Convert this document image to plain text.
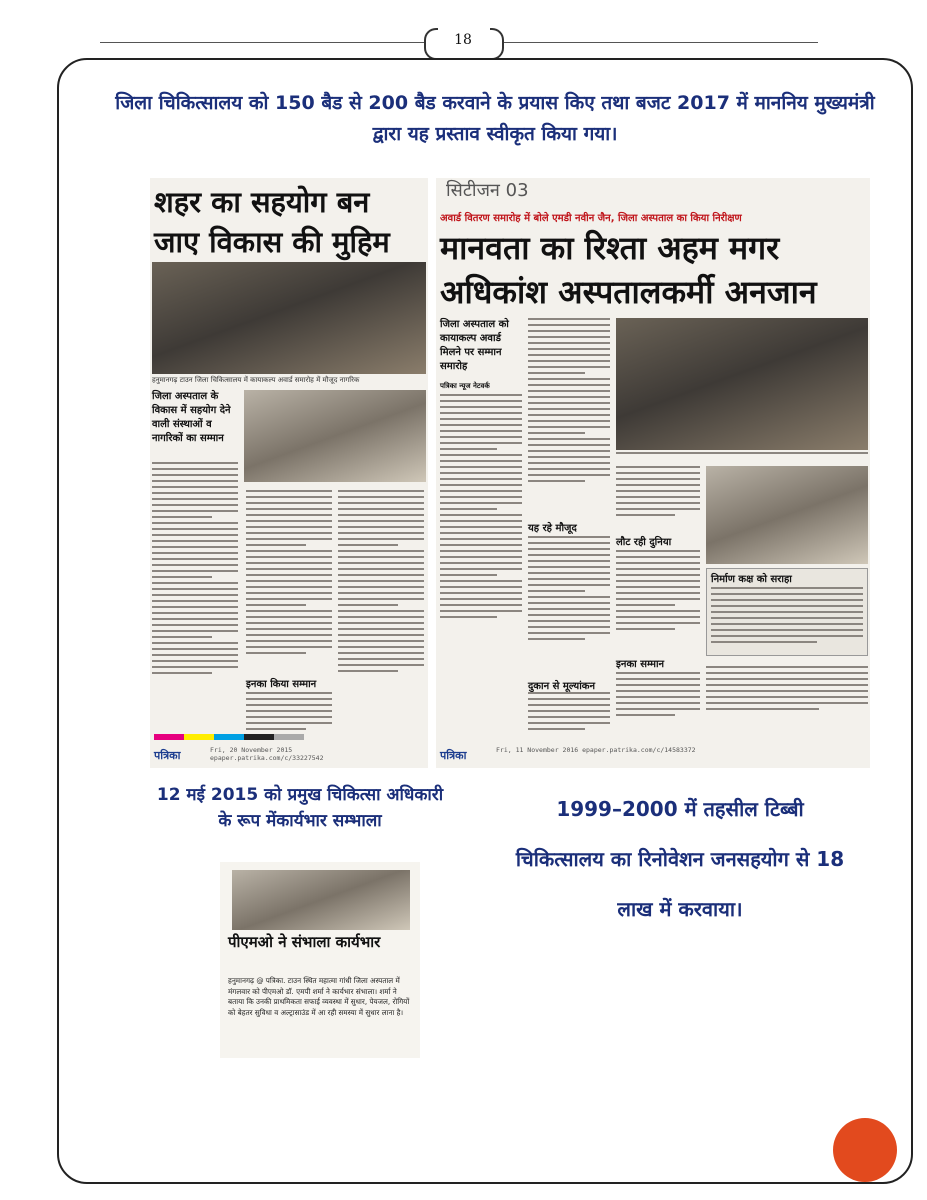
18
जिला चिकित्सालय को 150 बैड से 200 बैड करवाने के प्रयास किए तथा बजट 2017 में माननिय मुख्यमंत्री द्वारा यह प्रस्ताव स्वीकृत किया गया।
शहर का सहयोग बन जाए विकास की मुहिम
हनुमानगढ़ टाउन जिला चिकित्सालय में कायाकल्प अवार्ड समारोह में मौजूद नागरिक
जिला अस्पताल के विकास में सहयोग देने वाली संस्थाओं व नागरिकों का सम्मान
इनका किया सम्मान
पत्रिका	Fri, 20 November 2015 epaper.patrika.com/c/33227542
सिटीजन 03
अवार्ड वितरण समारोह में बोले एमडी नवीन जैन, जिला अस्पताल का किया निरीक्षण
मानवता का रिश्ता अहम मगर अधिकांश अस्पतालकर्मी अनजान
जिला अस्पताल को कायाकल्प अवार्ड मिलने पर सम्मान समारोह
पत्रिका न्यूज नेटवर्क
यह रहे मौजूद
दुकान से मूल्यांकन
लौट रही दुनिया
इनका सम्मान
निर्माण कक्ष को सराहा
पत्रिका	Fri, 11 November 2016 epaper.patrika.com/c/14583372
12 मई 2015 को प्रमुख चिकित्सा अधिकारी के रूप मेंकार्यभार सम्भाला
पीएमओ ने संभाला कार्यभार
हनुमानगढ़ @ पत्रिका. टाउन स्थित महात्मा गांधी जिला अस्पताल में मंगलवार को पीएमओ डॉ. एमपी शर्मा ने कार्यभार संभाला। शर्मा ने बताया कि उनकी प्राथमिकता सफाई व्यवस्था में सुधार, पेयजल, रोगियों को बेहतर सुविधा व अल्ट्रासाउंड में आ रही समस्या में सुधार लाना है।
1999–2000 में तहसील टिब्बी चिकित्सालय का रिनोवेशन जनसहयोग से 18 लाख में करवाया।
